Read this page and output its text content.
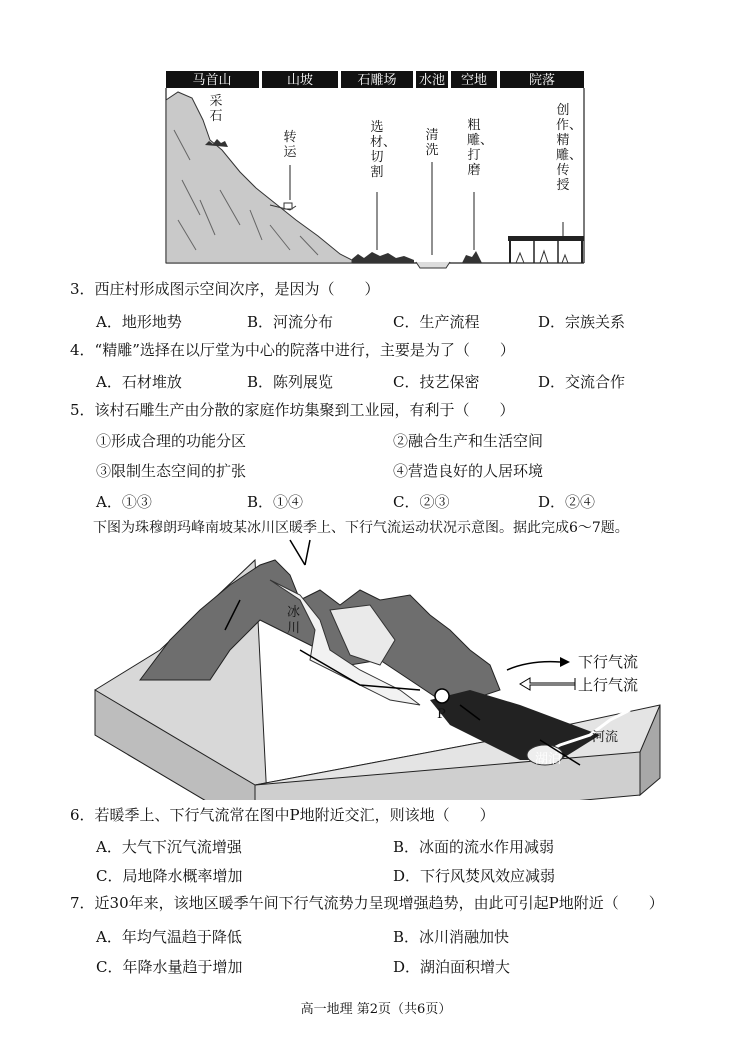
马首山	山坡	石雕场 水池 空地	院落
采石
转运
选材、切割
清洗
粗雕、打磨
创作、精雕、传授
3．西庄村形成图示空间次序，是因为（　　）
A．地形地势	B．河流分布	C．生产流程	D．宗族关系
4．“精雕”选择在以厅堂为中心的院落中进行，主要是为了（　　）
A．石材堆放	B．陈列展览	C．技艺保密	D．交流合作
5．该村石雕生产由分散的家庭作坊集聚到工业园，有利于（　　）
①形成合理的功能分区	②融合生产和生活空间
③限制生态空间的扩张	④营造良好的人居环境
A．①③	B．①④	C．②③	D．②④
下图为珠穆朗玛峰南坡某冰川区暖季上、下行气流运动状况示意图。据此完成6～7题。
冰川
P
湖泊
河流
下行气流
上行气流
6．若暖季上、下行气流常在图中P地附近交汇，则该地（　　）
A．大气下沉气流增强	B．冰面的流水作用减弱
C．局地降水概率增加	D．下行风焚风效应减弱
7．近30年来，该地区暖季午间下行气流势力呈现增强趋势，由此可引起P地附近（　　）
A．年均气温趋于降低	B．冰川消融加快
C．年降水量趋于增加	D．湖泊面积增大
高一地理 第2页（共6页）
